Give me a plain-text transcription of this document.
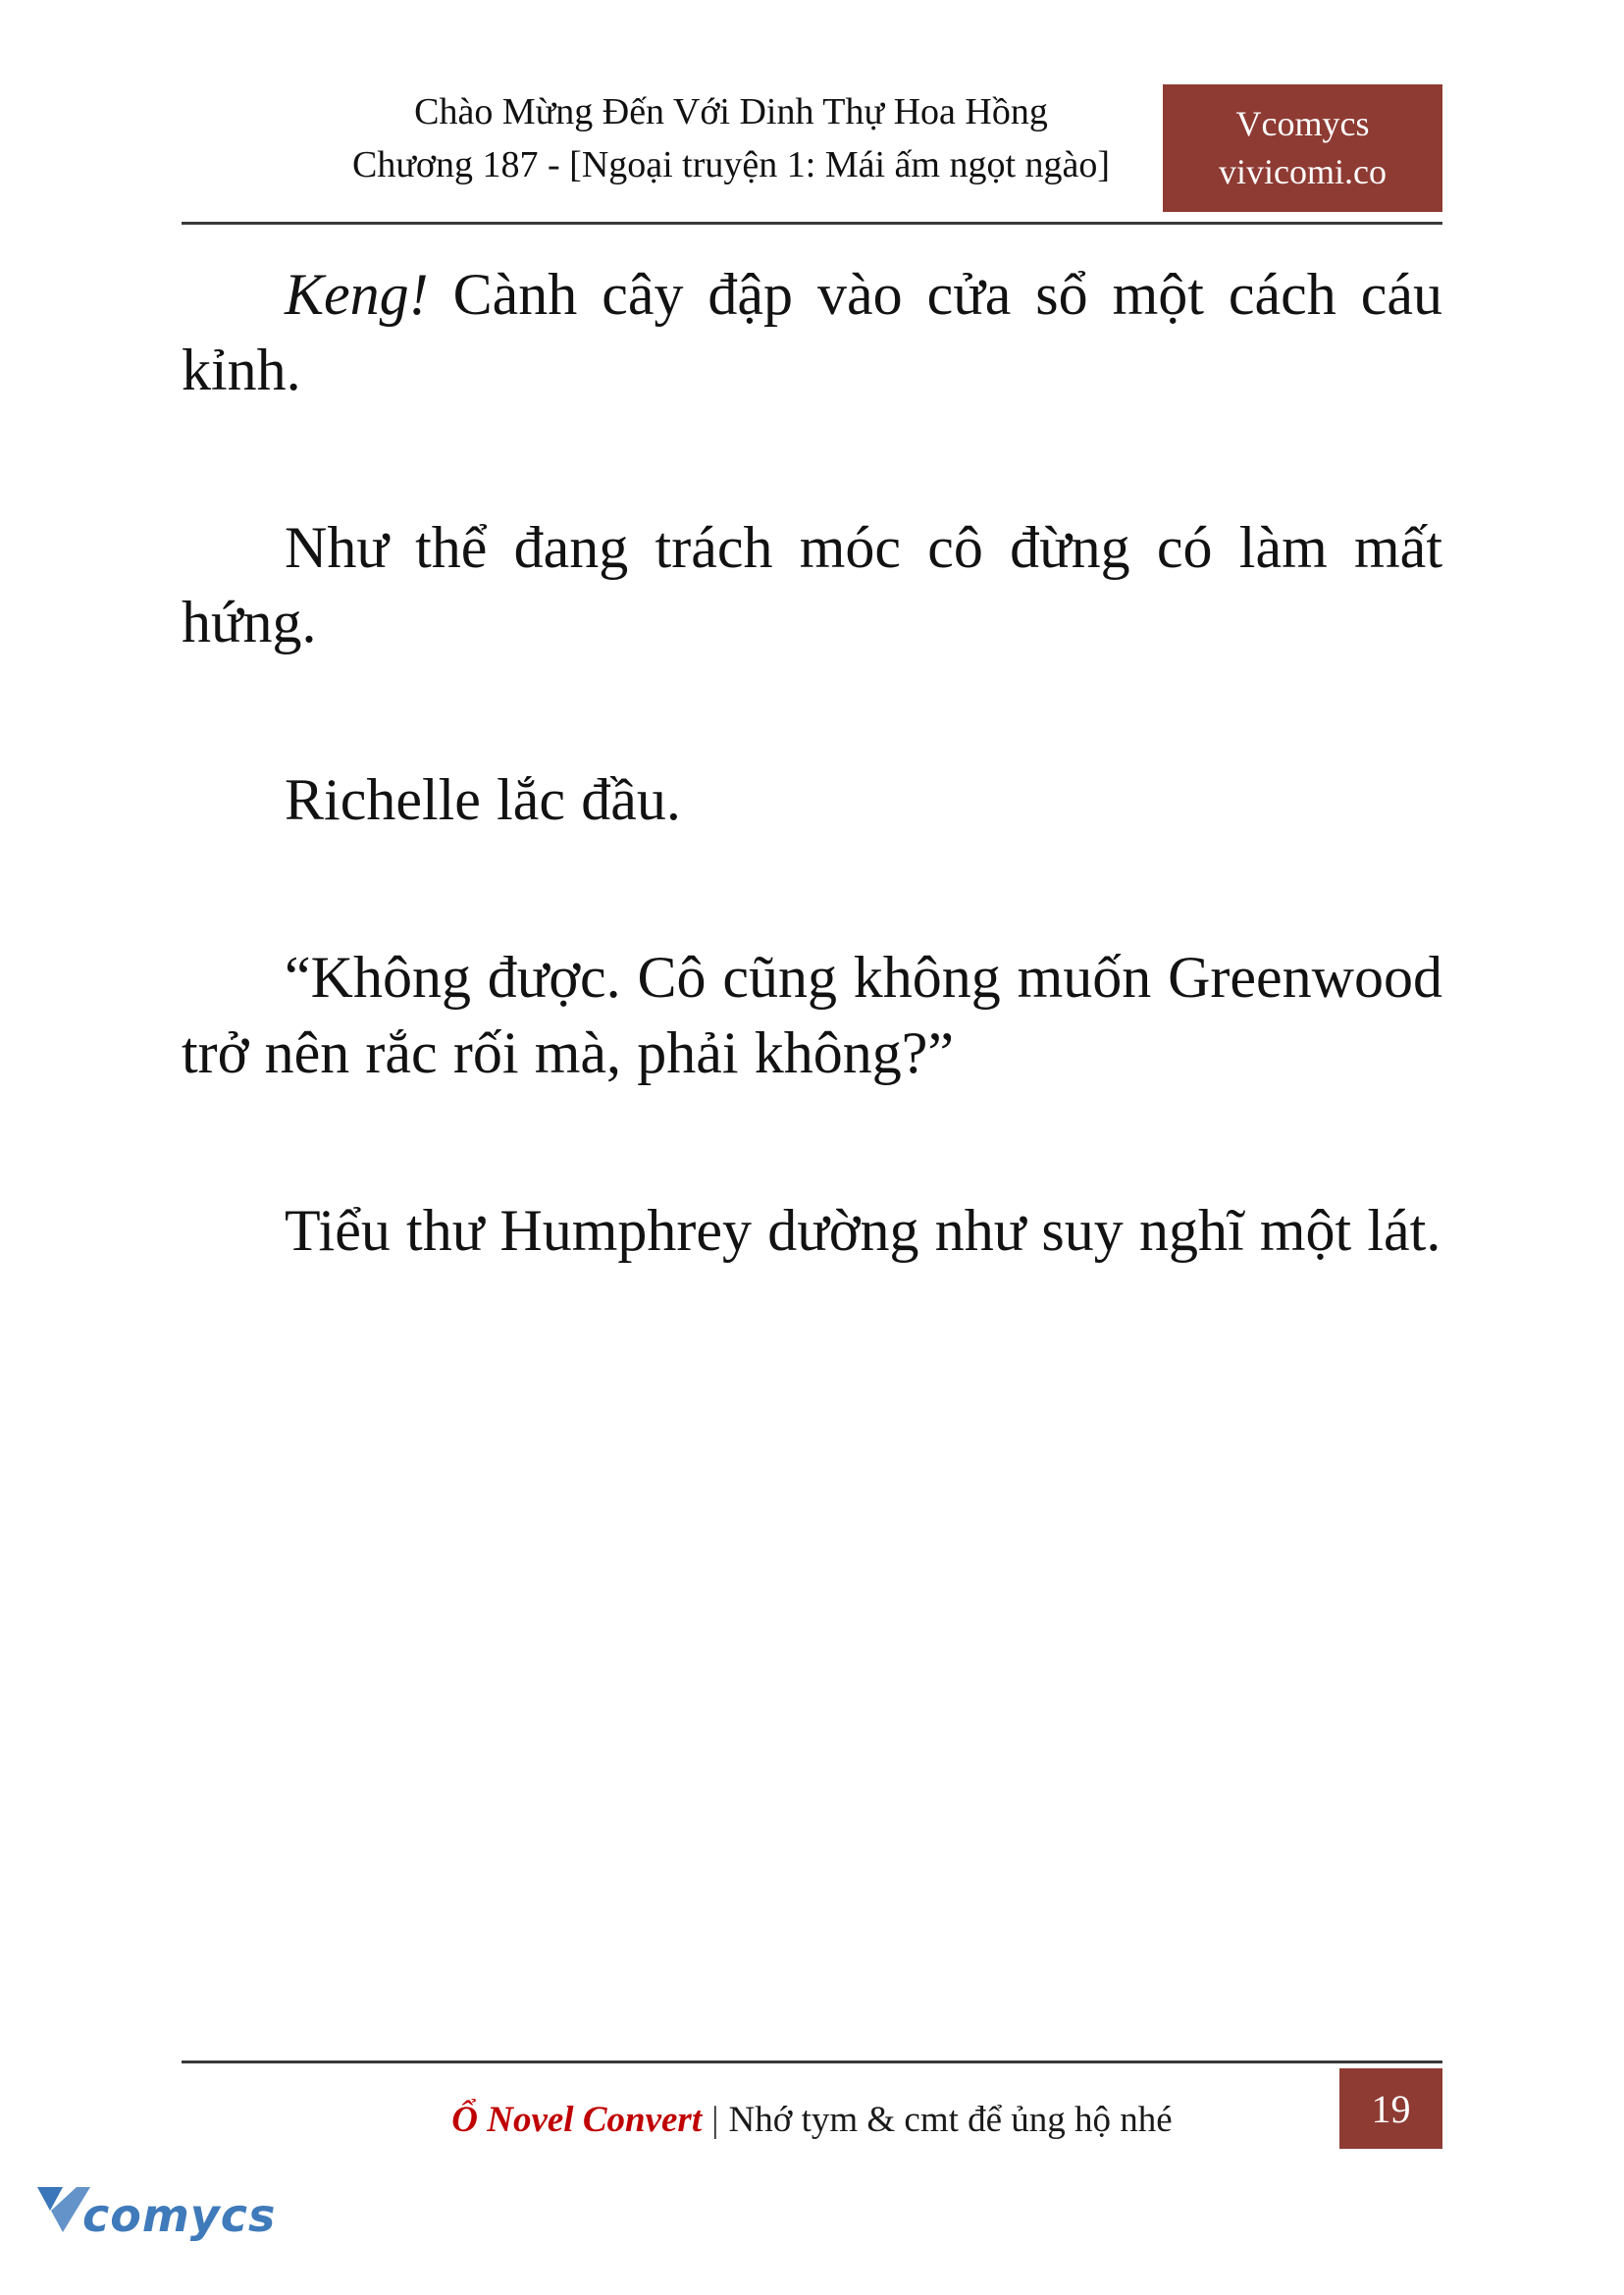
Chào Mừng Đến Với Dinh Thự Hoa Hồng
Chương 187 - [Ngoại truyện 1: Mái ấm ngọt ngào]
Vcomycs
vivicomi.co

Keng! Cành cây đập vào cửa sổ một cách cáu kỉnh.

Như thể đang trách móc cô đừng có làm mất hứng.

Richelle lắc đầu.

“Không được. Cô cũng không muốn Greenwood trở nên rắc rối mà, phải không?”

Tiểu thư Humphrey dường như suy nghĩ một lát.

Ổ Novel Convert | Nhớ tym & cmt để ủng hộ nhé	19
comycs
